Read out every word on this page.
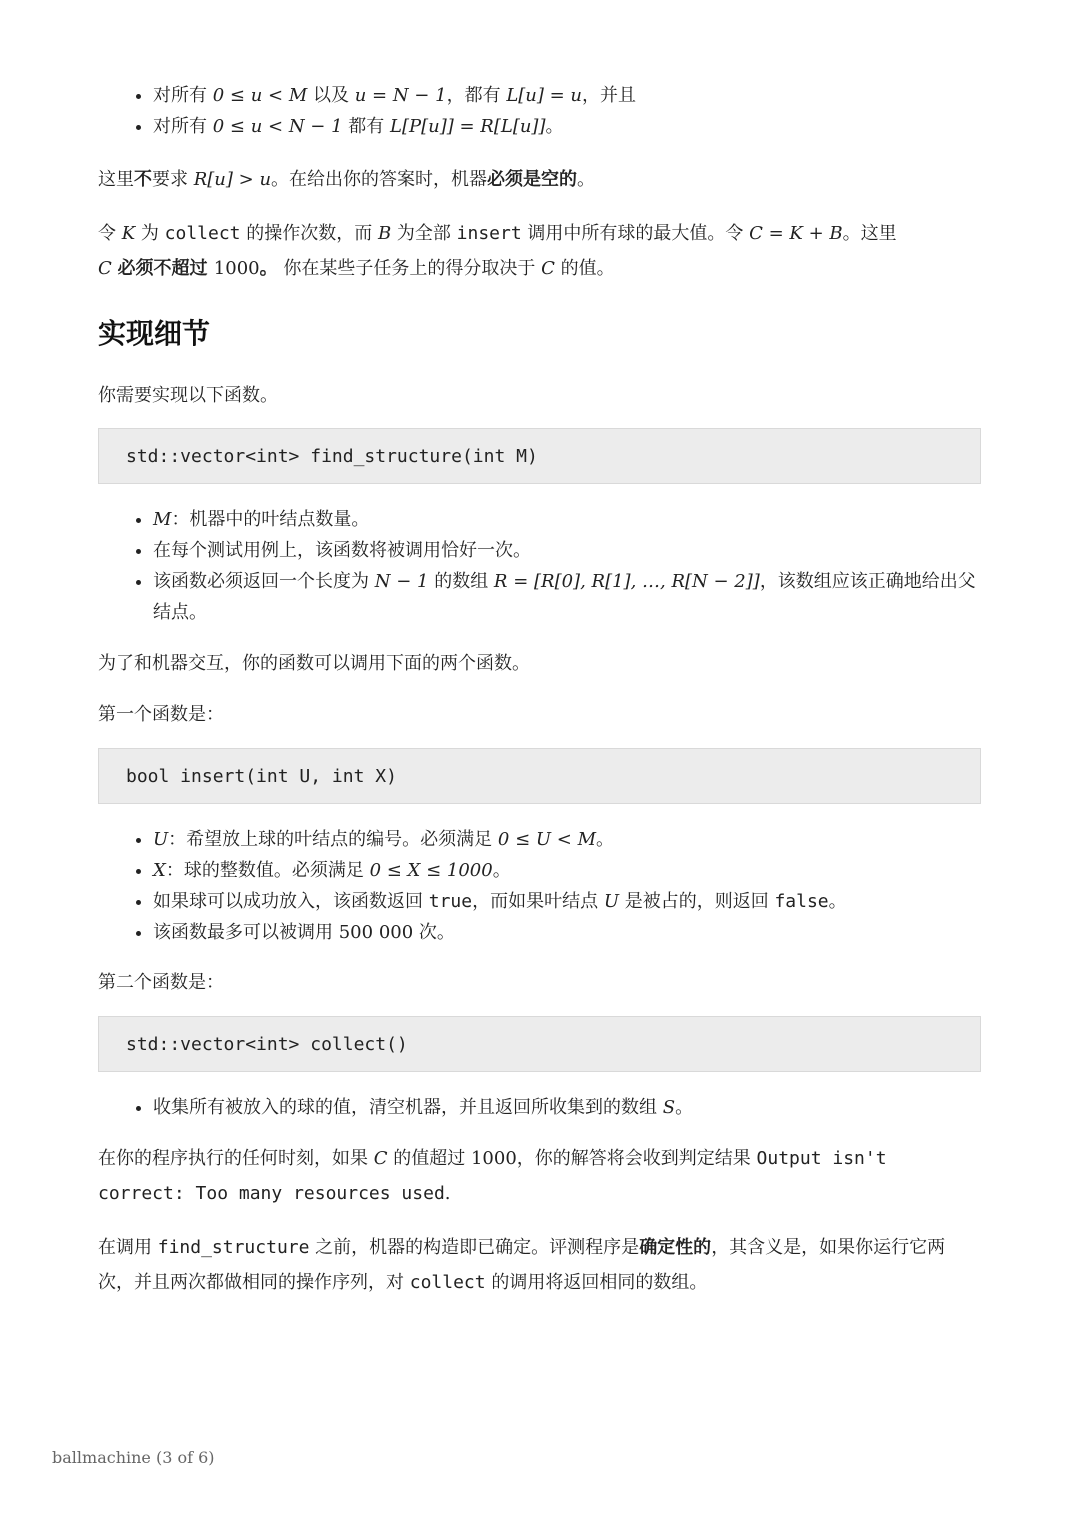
• 对所有 0 ≤ u < M 以及 u = N − 1，都有 L[u] = u，并且
• 对所有 0 ≤ u < N − 1 都有 L[P[u]] = R[L[u]]。

这里不要求 R[u] > u。在给出你的答案时，机器必须是空的。

令 K 为 collect 的操作次数，而 B 为全部 insert 调用中所有球的最大值。令 C = K + B。这里
C 必须不超过 1000。 你在某些子任务上的得分取决于 C 的值。

实现细节

你需要实现以下函数。

std::vector<int> find_structure(int M)
• M：机器中的叶结点数量。
• 在每个测试用例上，该函数将被调用恰好一次。
• 该函数必须返回一个长度为 N − 1 的数组 R = [R[0], R[1], …, R[N − 2]]，该数组应该正确地给出父结点。

为了和机器交互，你的函数可以调用下面的两个函数。

第一个函数是：

bool insert(int U, int X)
• U：希望放上球的叶结点的编号。必须满足 0 ≤ U < M。
• X：球的整数值。必须满足 0 ≤ X ≤ 1000。
• 如果球可以成功放入，该函数返回 true，而如果叶结点 U 是被占的，则返回 false。
• 该函数最多可以被调用 500 000 次。

第二个函数是：

std::vector<int> collect()
• 收集所有被放入的球的值，清空机器，并且返回所收集到的数组 S。

在你的程序执行的任何时刻，如果 C 的值超过 1000，你的解答将会收到判定结果 Output isn't correct: Too many resources used.

在调用 find_structure 之前，机器的构造即已确定。评测程序是确定性的，其含义是，如果你运行它两次，并且两次都做相同的操作序列，对 collect 的调用将返回相同的数组。

ballmachine (3 of 6)
